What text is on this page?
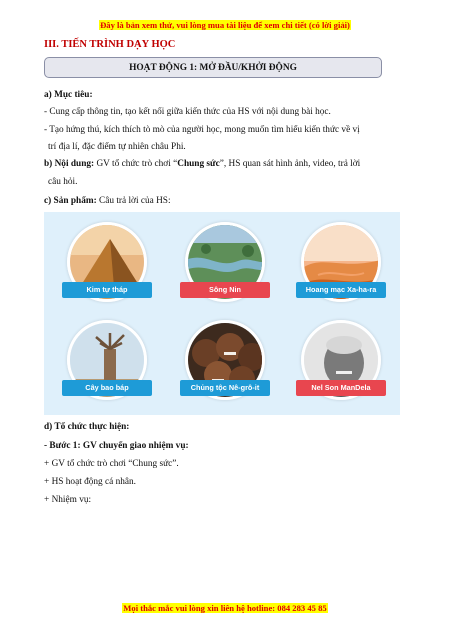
Đây là bản xem thử, vui lòng mua tài liệu để xem chi tiết (có lời giải)
III. TIẾN TRÌNH DẠY HỌC
HOẠT ĐỘNG 1: MỞ ĐẦU/KHỞI ĐỘNG
a) Mục tiêu:
- Cung cấp thông tin, tạo kết nối giữa kiến thức của HS với nội dung bài học.
- Tạo hứng thú, kích thích tò mò của người học, mong muốn tìm hiểu kiến thức về vị
trí địa lí, đặc điểm tự nhiên châu Phi.
b) Nội dung: GV tổ chức trò chơi “Chung sức”, HS quan sát hình ảnh, video, trả lời
câu hỏi.
c) Sản phẩm: Câu trả lời của HS:
Kim tự tháp	Sông Nin	Hoang mạc Xa-ha-ra
Cây bao báp	Chủng tộc Nê-grô-it	Nel Son ManDela
d) Tổ chức thực hiện:
- Bước 1: GV chuyển giao nhiệm vụ:
+ GV tổ chức trò chơi “Chung sức”.
+ HS hoạt động cá nhân.
+ Nhiệm vụ:
Mọi thắc mắc vui lòng xin liên hệ hotline: 084 283 45 85
